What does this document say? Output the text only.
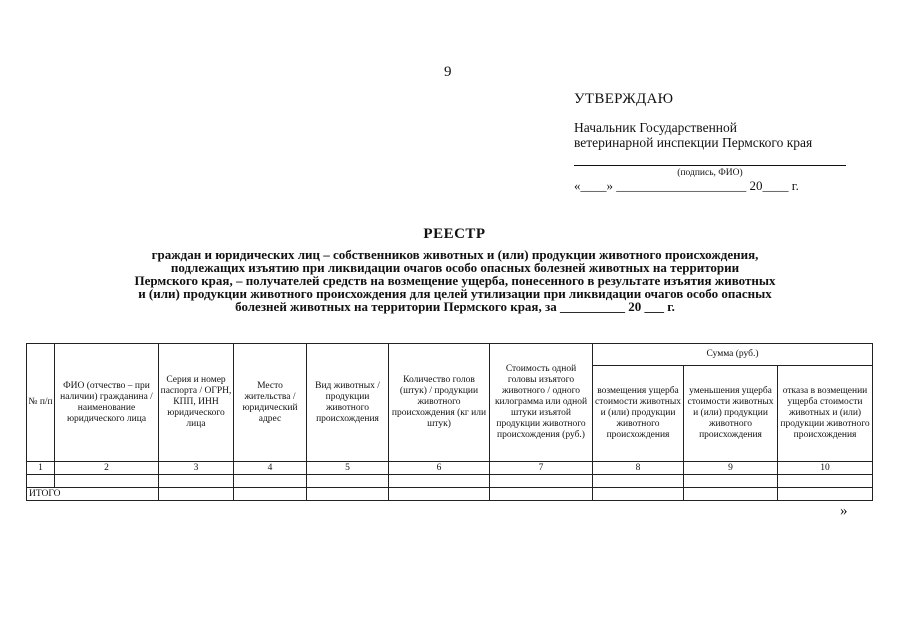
9
УТВЕРЖДАЮ
Начальник Государственной
ветеринарной инспекции Пермского края
(подпись, ФИО)
«____» ____________________ 20____ г.
РЕЕСТР
граждан и юридических лиц – собственников животных и (или) продукции животного происхождения,
подлежащих изъятию при ликвидации очагов особо опасных болезней животных на территории
Пермского края, – получателей средств на возмещение ущерба, понесенного в результате изъятия животных
и (или) продукции животного происхождения для целей утилизации при ликвидации очагов особо опасных
болезней животных на территории Пермского края, за __________ 20 ___ г.
№ п/п	ФИО (отчество – при наличии) гражданина / наименование юридического лица	Серия и номер паспорта / ОГРН, КПП, ИНН юридического лица	Место жительства / юридический адрес	Вид животных / продукции животного происхождения	Количество голов (штук) / продукции животного происхождения (кг или штук)	Стоимость одной головы изъятого животного / одного килограмма или одной штуки изъятой продукции животного происхождения (руб.)	Сумма (руб.)		
							возмещения ущерба стоимости животных и (или) продукции животного происхождения	уменьшения ущерба стоимости животных и (или) продукции животного происхождения	отказа в возмещении ущерба стоимости животных и (или) продукции животного происхождения
1	2	3	4	5	6	7	8	9	10

ИТОГО									
»
